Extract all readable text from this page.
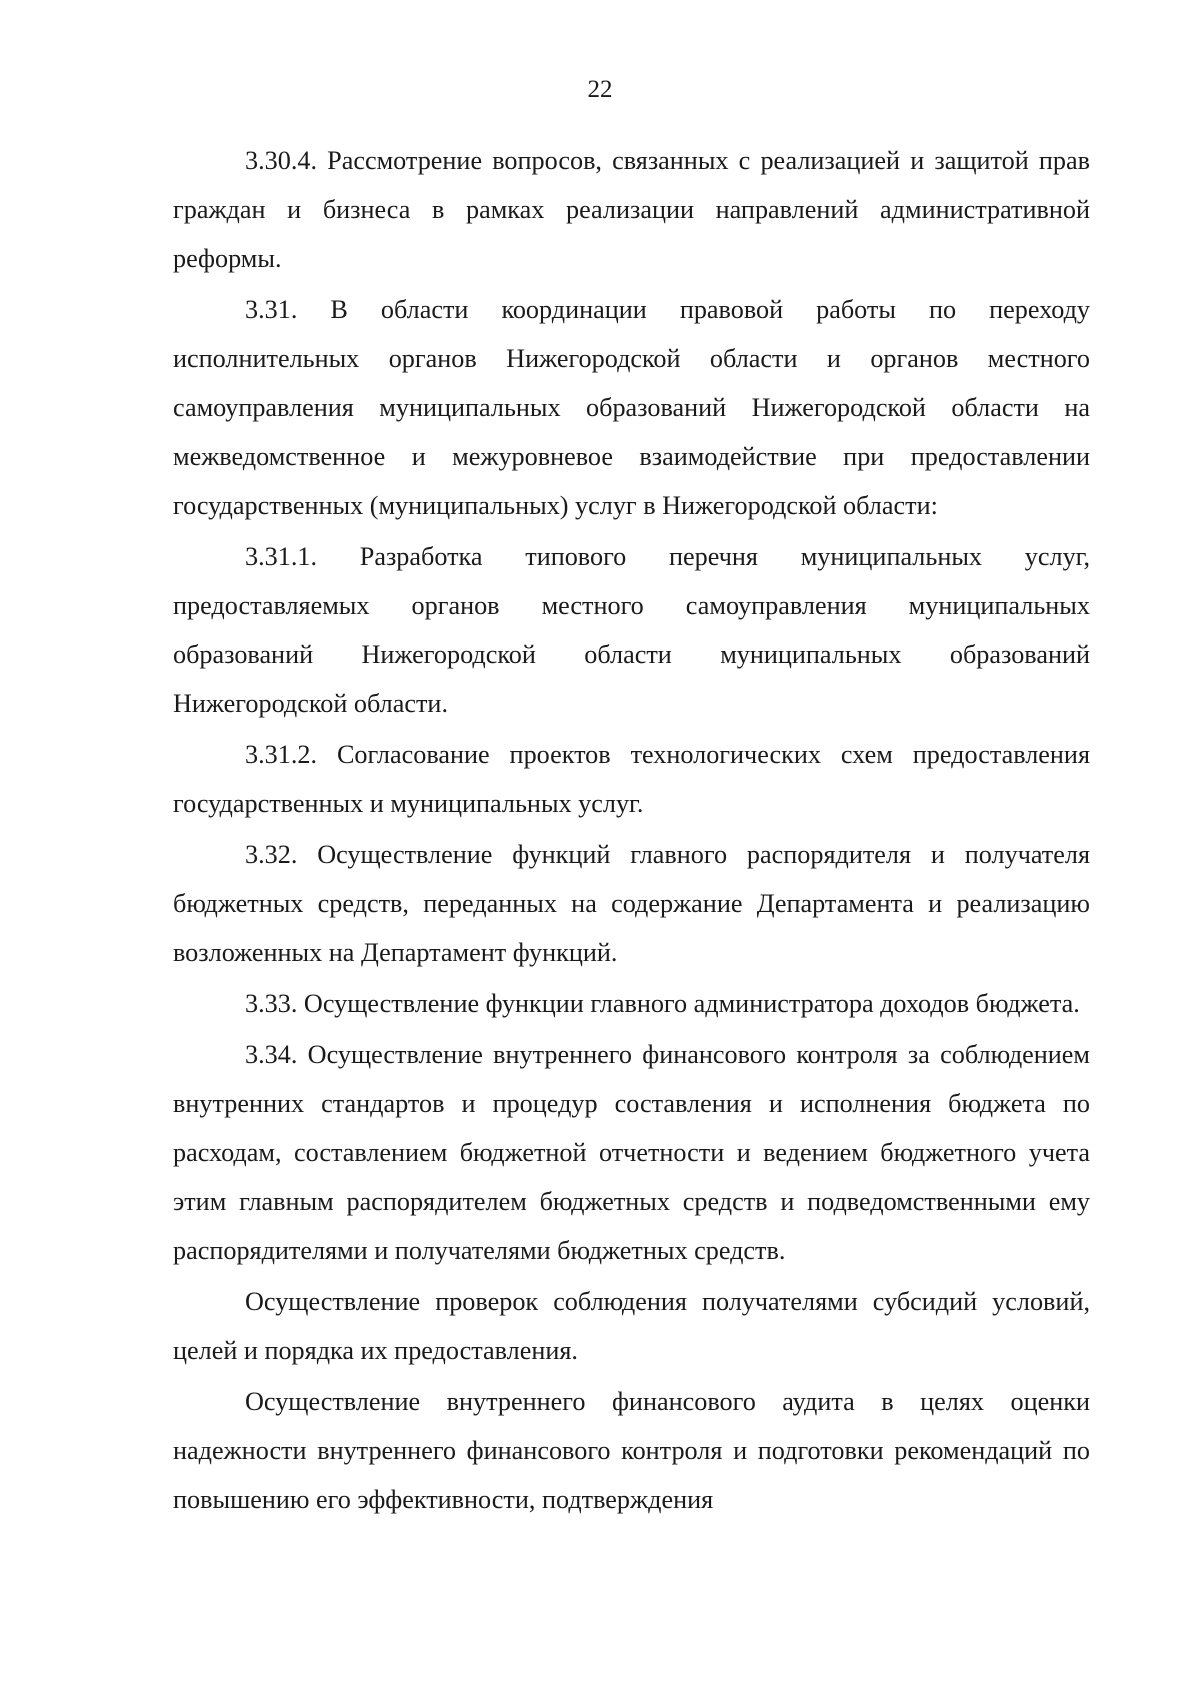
22

3.30.4. Рассмотрение вопросов, связанных с реализацией и защитой прав граждан и бизнеса в рамках реализации направлений административной реформы.

3.31. В области координации правовой работы по переходу исполнительных органов Нижегородской области и органов местного самоуправления муниципальных образований Нижегородской области на межведомственное и межуровневое взаимодействие при предоставлении государственных (муниципальных) услуг в Нижегородской области:

3.31.1. Разработка типового перечня муниципальных услуг, предоставляемых органов местного самоуправления муниципальных образований Нижегородской области муниципальных образований Нижегородской области.

3.31.2. Согласование проектов технологических схем предоставления государственных и муниципальных услуг.

3.32. Осуществление функций главного распорядителя и получателя бюджетных средств, переданных на содержание Департамента и реализацию возложенных на Департамент функций.

3.33. Осуществление функции главного администратора доходов бюджета.

3.34. Осуществление внутреннего финансового контроля за соблюдением внутренних стандартов и процедур составления и исполнения бюджета по расходам, составлением бюджетной отчетности и ведением бюджетного учета этим главным распорядителем бюджетных средств и подведомственными ему распорядителями и получателями бюджетных средств.

Осуществление проверок соблюдения получателями субсидий условий, целей и порядка их предоставления.

Осуществление внутреннего финансового аудита в целях оценки надежности внутреннего финансового контроля и подготовки рекомендаций по повышению его эффективности, подтверждения
